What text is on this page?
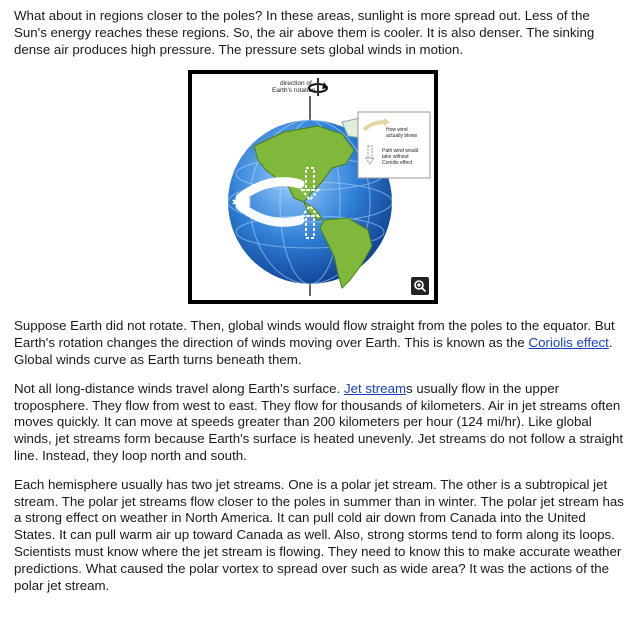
What about in regions closer to the poles? In these areas, sunlight is more spread out. Less of the Sun's energy reaches these regions. So, the air above them is cooler. It is also denser. The sinking dense air produces high pressure. The pressure sets global winds in motion.

direction of
Earth's rotation
How wind
actually blows
Path wind would
take without
Coriolis effect

Suppose Earth did not rotate. Then, global winds would flow straight from the poles to the equator. But Earth's rotation changes the direction of winds moving over Earth. This is known as the Coriolis effect. Global winds curve as Earth turns beneath them.

Not all long-distance winds travel along Earth's surface. Jet streams usually flow in the upper troposphere. They flow from west to east. They flow for thousands of kilometers. Air in jet streams often moves quickly. It can move at speeds greater than 200 kilometers per hour (124 mi/hr). Like global winds, jet streams form because Earth's surface is heated unevenly. Jet streams do not follow a straight line. Instead, they loop north and south.

Each hemisphere usually has two jet streams. One is a polar jet stream. The other is a subtropical jet stream. The polar jet streams flow closer to the poles in summer than in winter. The polar jet stream has a strong effect on weather in North America. It can pull cold air down from Canada into the United States. It can pull warm air up toward Canada as well. Also, strong storms tend to form along its loops. Scientists must know where the jet stream is flowing. They need to know this to make accurate weather predictions. What caused the polar vortex to spread over such as wide area? It was the actions of the polar jet stream.
